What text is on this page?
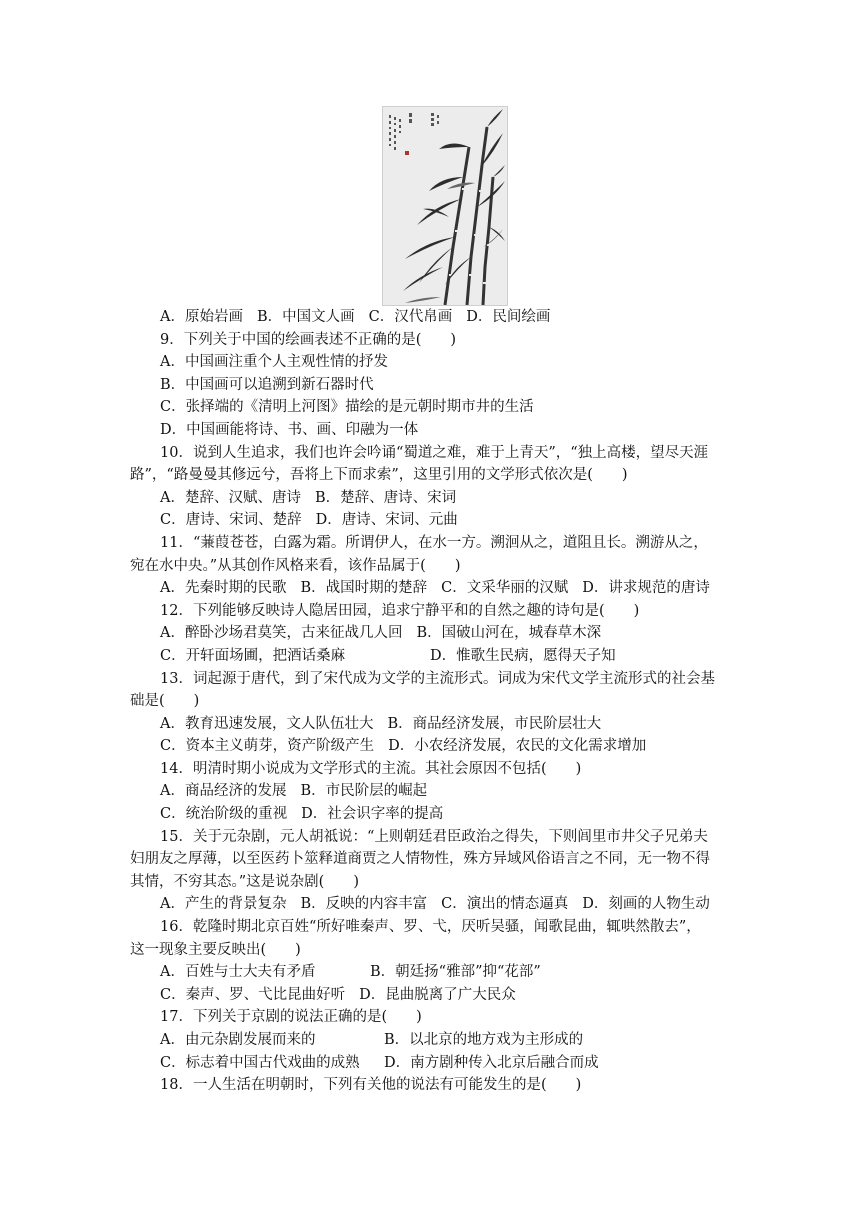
A．原始岩画 B．中国文人画 C．汉代帛画 D．民间绘画
9．下列关于中国的绘画表述不正确的是(　　)
A．中国画注重个人主观性情的抒发
B．中国画可以追溯到新石器时代
C．张择端的《清明上河图》描绘的是元朝时期市井的生活
D．中国画能将诗、书、画、印融为一体
10．说到人生追求，我们也许会吟诵“蜀道之难，难于上青天”，“独上高楼，望尽天涯
路”，“路曼曼其修远兮，吾将上下而求索”，这里引用的文学形式依次是(　　)
A．楚辞、汉赋、唐诗 B．楚辞、唐诗、宋词
C．唐诗、宋词、楚辞 D．唐诗、宋词、元曲
11．“蒹葭苍苍，白露为霜。所谓伊人，在水一方。溯洄从之，道阻且长。溯游从之，
宛在水中央。”从其创作风格来看，该作品属于(　　)
A．先秦时期的民歌 B．战国时期的楚辞 C．文采华丽的汉赋 D．讲求规范的唐诗
12．下列能够反映诗人隐居田园，追求宁静平和的自然之趣的诗句是(　　)
A．醉卧沙场君莫笑，古来征战几人回 B．国破山河在，城春草木深
C．开轩面场圃，把酒话桑麻	D．惟歌生民病，愿得天子知
13．词起源于唐代，到了宋代成为文学的主流形式。词成为宋代文学主流形式的社会基
础是(　　)
A．教育迅速发展，文人队伍壮大 B．商品经济发展，市民阶层壮大
C．资本主义萌芽，资产阶级产生 D．小农经济发展，农民的文化需求增加
14．明清时期小说成为文学形式的主流。其社会原因不包括(　　)
A．商品经济的发展 B．市民阶层的崛起
C．统治阶级的重视 D．社会识字率的提高
15．关于元杂剧，元人胡祗说：“上则朝廷君臣政治之得失，下则闾里市井父子兄弟夫
妇朋友之厚薄，以至医药卜筮释道商贾之人情物性，殊方异域风俗语言之不同，无一物不得
其情，不穷其态。”这是说杂剧(　　)
A．产生的背景复杂 B．反映的内容丰富 C．演出的情态逼真 D．刻画的人物生动
16．乾隆时期北京百姓“所好唯秦声、罗、弋，厌听吴骚，闻歌昆曲，辄哄然散去”，
这一现象主要反映出(　　)
A．百姓与士大夫有矛盾	B．朝廷扬“雅部”抑“花部”
C．秦声、罗、弋比昆曲好听 D．昆曲脱离了广大民众
17．下列关于京剧的说法正确的是(　　)
A．由元杂剧发展而来的	B．以北京的地方戏为主形成的
C．标志着中国古代戏曲的成熟 D．南方剧种传入北京后融合而成
18．一人生活在明朝时，下列有关他的说法有可能发生的是(　　)
